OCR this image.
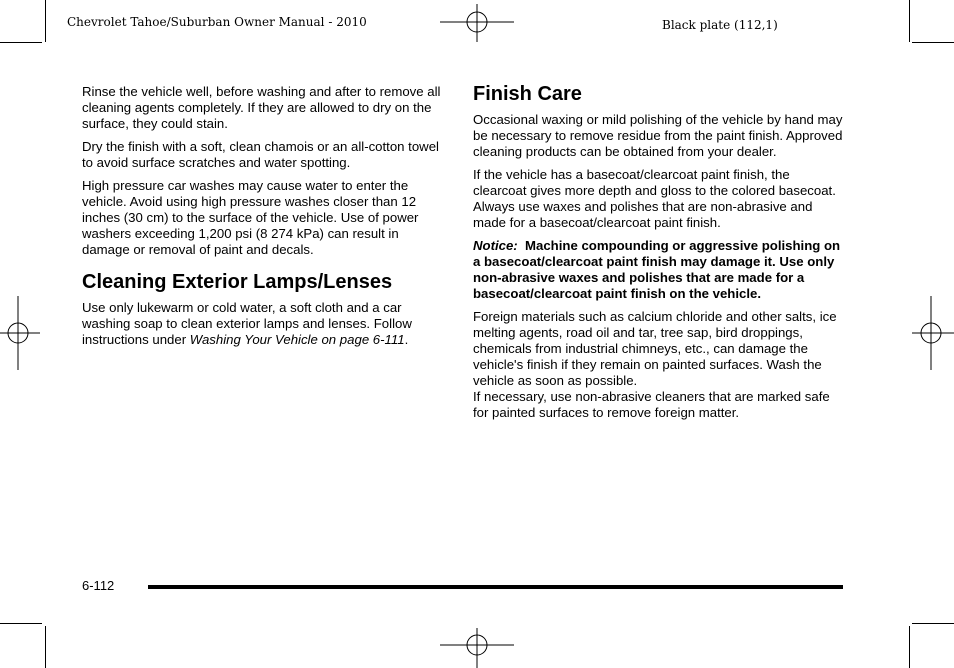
Chevrolet Tahoe/Suburban Owner Manual - 2010	Black plate (112,1)

Rinse the vehicle well, before washing and after to remove all cleaning agents completely. If they are allowed to dry on the surface, they could stain.

Dry the finish with a soft, clean chamois or an all-cotton towel to avoid surface scratches and water spotting.

High pressure car washes may cause water to enter the vehicle. Avoid using high pressure washes closer than 12 inches (30 cm) to the surface of the vehicle. Use of power washers exceeding 1,200 psi (8 274 kPa) can result in damage or removal of paint and decals.

Cleaning Exterior Lamps/Lenses

Use only lukewarm or cold water, a soft cloth and a car washing soap to clean exterior lamps and lenses. Follow instructions under Washing Your Vehicle on page 6-111.

Finish Care

Occasional waxing or mild polishing of the vehicle by hand may be necessary to remove residue from the paint finish. Approved cleaning products can be obtained from your dealer.

If the vehicle has a basecoat/clearcoat paint finish, the clearcoat gives more depth and gloss to the colored basecoat. Always use waxes and polishes that are non-abrasive and made for a basecoat/clearcoat paint finish.

Notice: Machine compounding or aggressive polishing on a basecoat/clearcoat paint finish may damage it. Use only non-abrasive waxes and polishes that are made for a basecoat/clearcoat paint finish on the vehicle.

Foreign materials such as calcium chloride and other salts, ice melting agents, road oil and tar, tree sap, bird droppings, chemicals from industrial chimneys, etc., can damage the vehicle's finish if they remain on painted surfaces. Wash the vehicle as soon as possible.

If necessary, use non-abrasive cleaners that are marked safe for painted surfaces to remove foreign matter.

6-112
